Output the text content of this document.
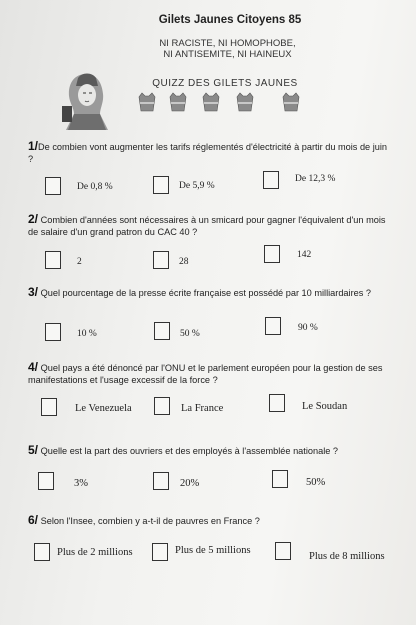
Gilets Jaunes Citoyens 85
NI RACISTE, NI HOMOPHOBE,
NI ANTISEMITE, NI HAINEUX
QUIZZ DES GILETS JAUNES
1/De combien vont augmenter les tarifs réglementés d'électricité à partir du mois de juin ?
De 0,8 %	De 5,9 %
De 12,3 %
2/ Combien d'années sont nécessaires à un smicard pour gagner l'équivalent d'un mois de salaire d'un grand patron du CAC 40 ?
2	28
142
3/ Quel pourcentage de la presse écrite française est possédé par 10 milliardaires ?
10 %	50 %
90 %
4/ Quel pays a été dénoncé par l'ONU et le parlement européen pour la gestion de ses manifestations et l'usage excessif de la force ?
Le Venezuela	La France	Le Soudan
5/ Quelle est la part des ouvriers et des employés à l'assemblée nationale ?
3%	20%	50%
6/ Selon l'Insee, combien y a-t-il de pauvres en France ?
Plus de 2 millions	Plus de 5 millions
Plus de 8 millions
